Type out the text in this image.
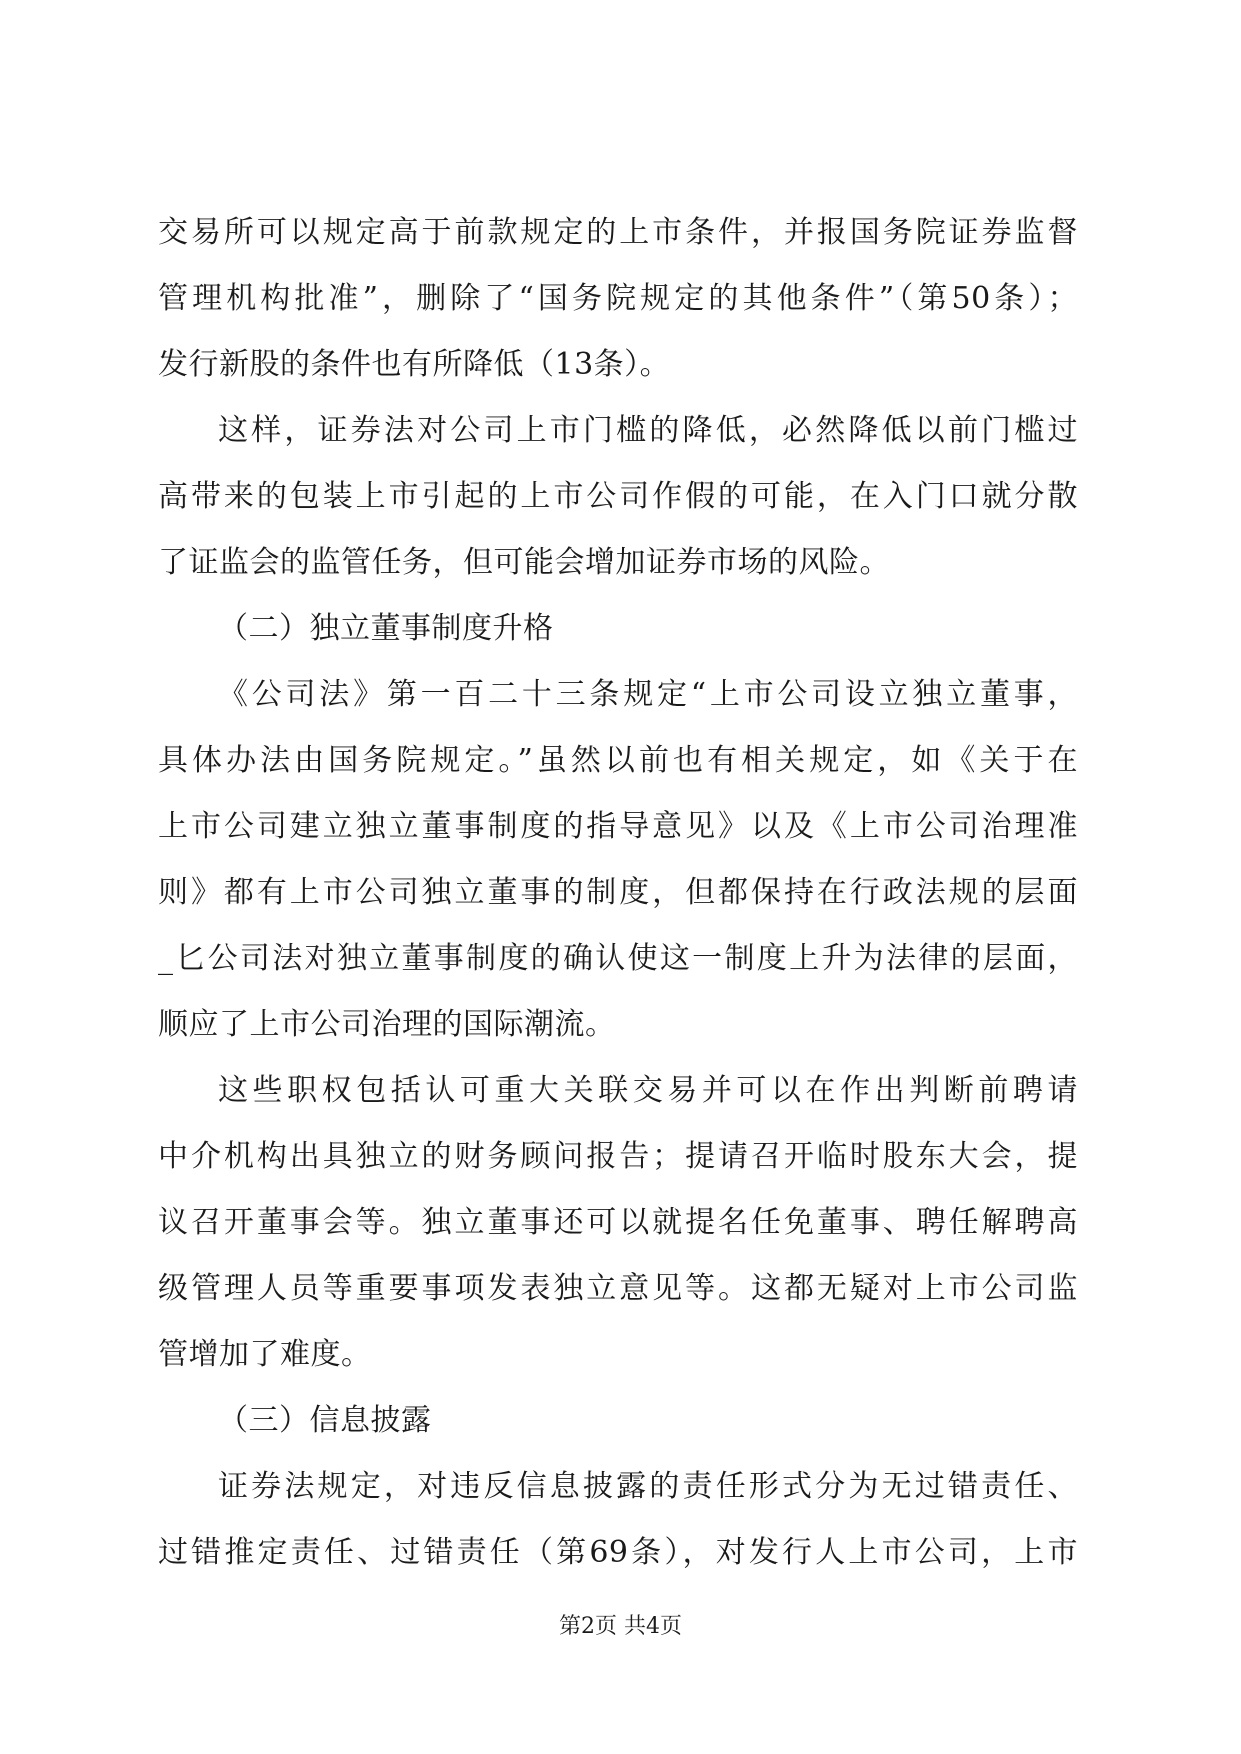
交易所可以规定高于前款规定的上市条件，并报国务院证券监督
管理机构批准”，删除了“国务院规定的其他条件”（第50条）；
发行新股的条件也有所降低（13条）。
这样，证券法对公司上市门槛的降低，必然降低以前门槛过
高带来的包装上市引起的上市公司作假的可能，在入门口就分散
了证监会的监管任务，但可能会增加证券市场的风险。
（二）独立董事制度升格
《公司法》第一百二十三条规定“上市公司设立独立董事，
具体办法由国务院规定。”虽然以前也有相关规定，如《关于在
上市公司建立独立董事制度的指导意见》以及《上市公司治理准
则》都有上市公司独立董事的制度，但都保持在行政法规的层面
_匕公司法对独立董事制度的确认使这一制度上升为法律的层面，
顺应了上市公司治理的国际潮流。
这些职权包括认可重大关联交易并可以在作出判断前聘请
中介机构出具独立的财务顾问报告；提请召开临时股东大会，提
议召开董事会等。独立董事还可以就提名任免董事、聘任解聘高
级管理人员等重要事项发表独立意见等。这都无疑对上市公司监
管增加了难度。
（三）信息披露
证券法规定，对违反信息披露的责任形式分为无过错责任、
过错推定责任、过错责任（第69条），对发行人上市公司，上市
第2页 共4页
